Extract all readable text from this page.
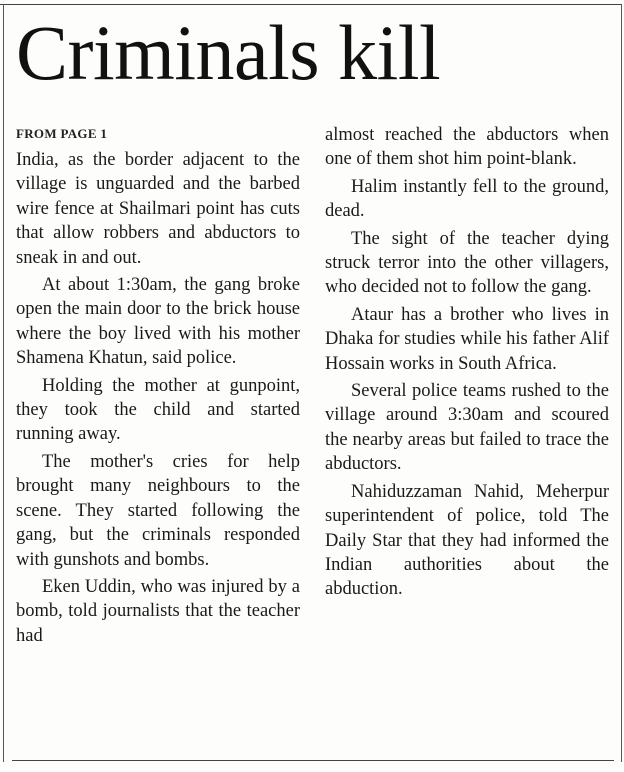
Criminals kill
FROM PAGE 1

India, as the border adjacent to the village is unguarded and the barbed wire fence at Shailmari point has cuts that allow robbers and abductors to sneak in and out.

At about 1:30am, the gang broke open the main door to the brick house where the boy lived with his mother Shamena Khatun, said police.

Holding the mother at gunpoint, they took the child and started running away.

The mother's cries for help brought many neighbours to the scene. They started following the gang, but the criminals responded with gunshots and bombs.

Eken Uddin, who was injured by a bomb, told journalists that the teacher had

almost reached the abductors when one of them shot him point-blank.

Halim instantly fell to the ground, dead.

The sight of the teacher dying struck terror into the other villagers, who decided not to follow the gang.

Ataur has a brother who lives in Dhaka for studies while his father Alif Hossain works in South Africa.

Several police teams rushed to the village around 3:30am and scoured the nearby areas but failed to trace the abductors.

Nahiduzzaman Nahid, Meherpur superintendent of police, told The Daily Star that they had informed the Indian authorities about the abduction.
